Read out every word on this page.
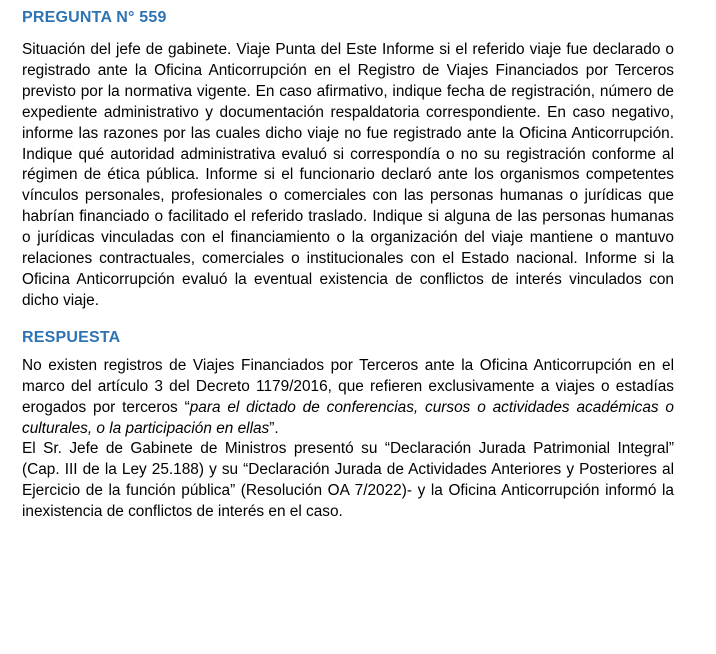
PREGUNTA N° 559

Situación del jefe de gabinete. Viaje Punta del Este Informe si el referido viaje fue declarado o registrado ante la Oficina Anticorrupción en el Registro de Viajes Financiados por Terceros previsto por la normativa vigente. En caso afirmativo, indique fecha de registración, número de expediente administrativo y documentación respaldatoria correspondiente. En caso negativo, informe las razones por las cuales dicho viaje no fue registrado ante la Oficina Anticorrupción. Indique qué autoridad administrativa evaluó si correspondía o no su registración conforme al régimen de ética pública. Informe si el funcionario declaró ante los organismos competentes vínculos personales, profesionales o comerciales con las personas humanas o jurídicas que habrían financiado o facilitado el referido traslado. Indique si alguna de las personas humanas o jurídicas vinculadas con el financiamiento o la organización del viaje mantiene o mantuvo relaciones contractuales, comerciales o institucionales con el Estado nacional. Informe si la Oficina Anticorrupción evaluó la eventual existencia de conflictos de interés vinculados con dicho viaje.

RESPUESTA

No existen registros de Viajes Financiados por Terceros ante la Oficina Anticorrupción en el marco del artículo 3 del Decreto 1179/2016, que refieren exclusivamente a viajes o estadías erogados por terceros “para el dictado de conferencias, cursos o actividades académicas o culturales, o la participación en ellas”.

El Sr. Jefe de Gabinete de Ministros presentó su “Declaración Jurada Patrimonial Integral” (Cap. III de la Ley 25.188) y su “Declaración Jurada de Actividades Anteriores y Posteriores al Ejercicio de la función pública” (Resolución OA 7/2022)- y la Oficina Anticorrupción informó la inexistencia de conflictos de interés en el caso.
